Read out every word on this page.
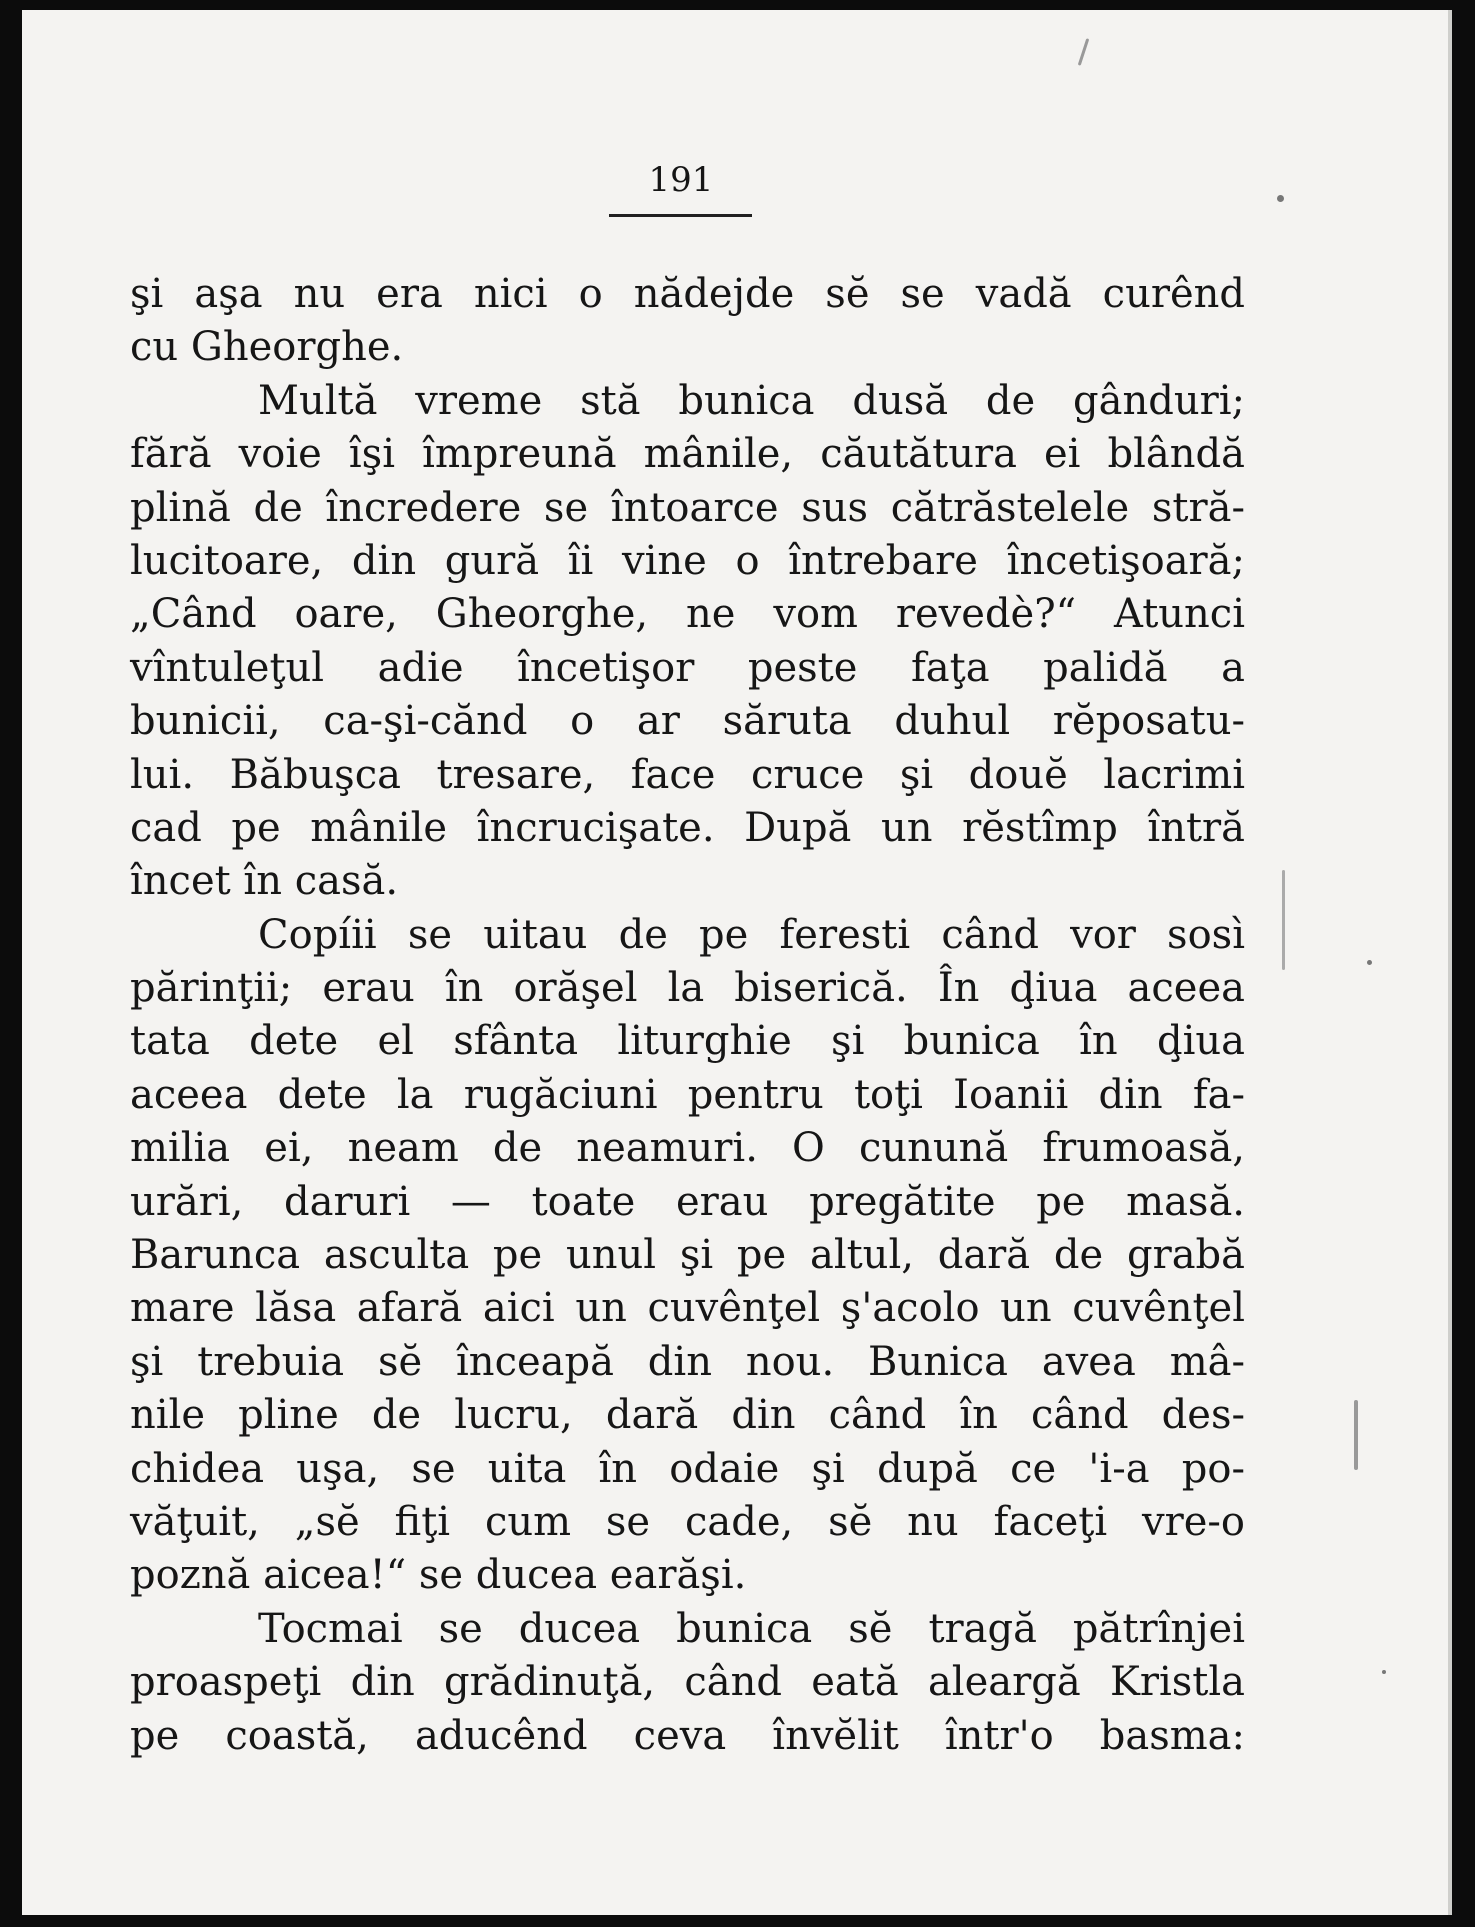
191
şi aşa nu era nici o nădejde sĕ se vadă curênd
cu Gheorghe.
Multă vreme stă bunica dusă de gânduri;
fără voie îşi împreună mânile, căutătura ei blândă
plină de încredere se întoarce sus cătrăstelele stră-
lucitoare, din gură îi vine o întrebare încetişoară;
„Când oare, Gheorghe, ne vom revedè?“ Atunci
vîntuleţul adie încetişor peste faţa palidă a
bunicii, ca-şi-cănd o ar săruta duhul rĕposatu-
lui. Băbuşca tresare, face cruce şi douĕ lacrimi
cad pe mânile încrucişate. După un rĕstîmp întră
încet în casă.
Copíii se uitau de pe feresti când vor sosì
părinţii; erau în orăşel la biserică. În ḑiua aceea
tata dete el sfânta liturghie şi bunica în ḑiua
aceea dete la rugăciuni pentru toţi Ioanii din fa-
milia ei, neam de neamuri. O cunună frumoasă,
urări, daruri — toate erau pregătite pe masă.
Barunca asculta pe unul şi pe altul, dară de grabă
mare lăsa afară aici un cuvênţel ş'acolo un cuvênţel
şi trebuia sĕ înceapă din nou. Bunica avea mâ-
nile pline de lucru, dară din când în când des-
chidea uşa, se uita în odaie şi după ce 'i-a po-
văţuit, „sĕ fiţi cum se cade, sĕ nu faceţi vre-o
poznă aicea!“ se ducea earăşi.
Tocmai se ducea bunica sĕ tragă pătrînjei
proaspeţi din grădinuţă, când eată aleargă Kristla
pe coastă, aducênd ceva învĕlit într'o basma:
